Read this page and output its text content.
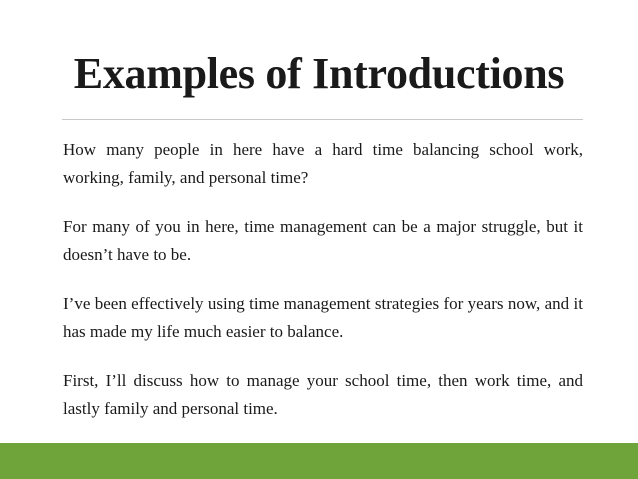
Examples of Introductions

How many people in here have a hard time balancing school work, working, family, and personal time?

For many of you in here, time management can be a major struggle, but it doesn’t have to be.

I’ve been effectively using time management strategies for years now, and it has made my life much easier to balance.

First, I’ll discuss how to manage your school time, then work time, and lastly family and personal time.
